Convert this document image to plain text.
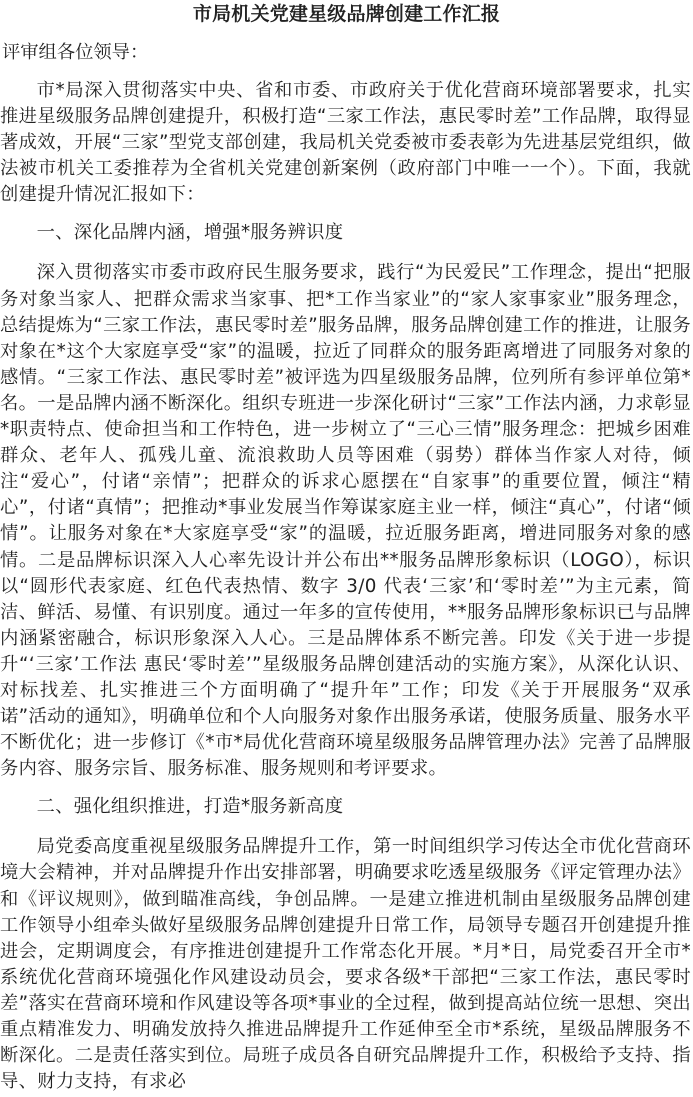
市局机关党建星级品牌创建工作汇报
评审组各位领导：

市*局深入贯彻落实中央、省和市委、市政府关于优化营商环境部署要求，扎实推进星级服务品牌创建提升，积极打造“三家工作法，惠民零时差”工作品牌，取得显著成效，开展“三家”型党支部创建，我局机关党委被市委表彰为先进基层党组织，做法被市机关工委推荐为全省机关党建创新案例（政府部门中唯一一个）。下面，我就创建提升情况汇报如下：

一、深化品牌内涵，增强*服务辨识度

深入贯彻落实市委市政府民生服务要求，践行“为民爱民”工作理念，提出“把服务对象当家人、把群众需求当家事、把*工作当家业”的“家人家事家业”服务理念，总结提炼为“三家工作法，惠民零时差”服务品牌，服务品牌创建工作的推进，让服务对象在*这个大家庭享受“家”的温暖，拉近了同群众的服务距离增进了同服务对象的感情。“三家工作法、惠民零时差”被评选为四星级服务品牌，位列所有参评单位第*名。一是品牌内涵不断深化。组织专班进一步深化研讨“三家”工作法内涵，力求彰显*职责特点、使命担当和工作特色，进一步树立了“三心三情”服务理念：把城乡困难群众、老年人、孤残儿童、流浪救助人员等困难（弱势）群体当作家人对待，倾注“爱心”，付诸“亲情”；把群众的诉求心愿摆在“自家事”的重要位置，倾注“精心”，付诸“真情”；把推动*事业发展当作筹谋家庭主业一样，倾注“真心”，付诸“倾情”。让服务对象在*大家庭享受“家”的温暖，拉近服务距离，增进同服务对象的感情。二是品牌标识深入人心率先设计并公布出**服务品牌形象标识（LOGO），标识以“圆形代表家庭、红色代表热情、数字 3/0 代表‘三家’和‘零时差’”为主元素，简洁、鲜活、易懂、有识别度。通过一年多的宣传使用，**服务品牌形象标识已与品牌内涵紧密融合，标识形象深入人心。三是品牌体系不断完善。印发《关于进一步提升“‘三家’工作法 惠民‘零时差’”星级服务品牌创建活动的实施方案》，从深化认识、对标找差、扎实推进三个方面明确了“提升年”工作；印发《关于开展服务“双承诺”活动的通知》，明确单位和个人向服务对象作出服务承诺，使服务质量、服务水平不断优化；进一步修订《*市*局优化营商环境星级服务品牌管理办法》完善了品牌服务内容、服务宗旨、服务标准、服务规则和考评要求。

二、强化组织推进，打造*服务新高度

局党委高度重视星级服务品牌提升工作，第一时间组织学习传达全市优化营商环境大会精神，并对品牌提升作出安排部署，明确要求吃透星级服务《评定管理办法》和《评议规则》，做到瞄准高线，争创品牌。一是建立推进机制由星级服务品牌创建工作领导小组牵头做好星级服务品牌创建提升日常工作，局领导专题召开创建提升推进会，定期调度会，有序推进创建提升工作常态化开展。*月*日，局党委召开全市*系统优化营商环境强化作风建设动员会，要求各级*干部把“三家工作法，惠民零时差”落实在营商环境和作风建设等各项*事业的全过程，做到提高站位统一思想、突出重点精准发力、明确发放持久推进品牌提升工作延伸至全市*系统，星级品牌服务不断深化。二是责任落实到位。局班子成员各自研究品牌提升工作，积极给予支持、指导、财力支持，有求必
